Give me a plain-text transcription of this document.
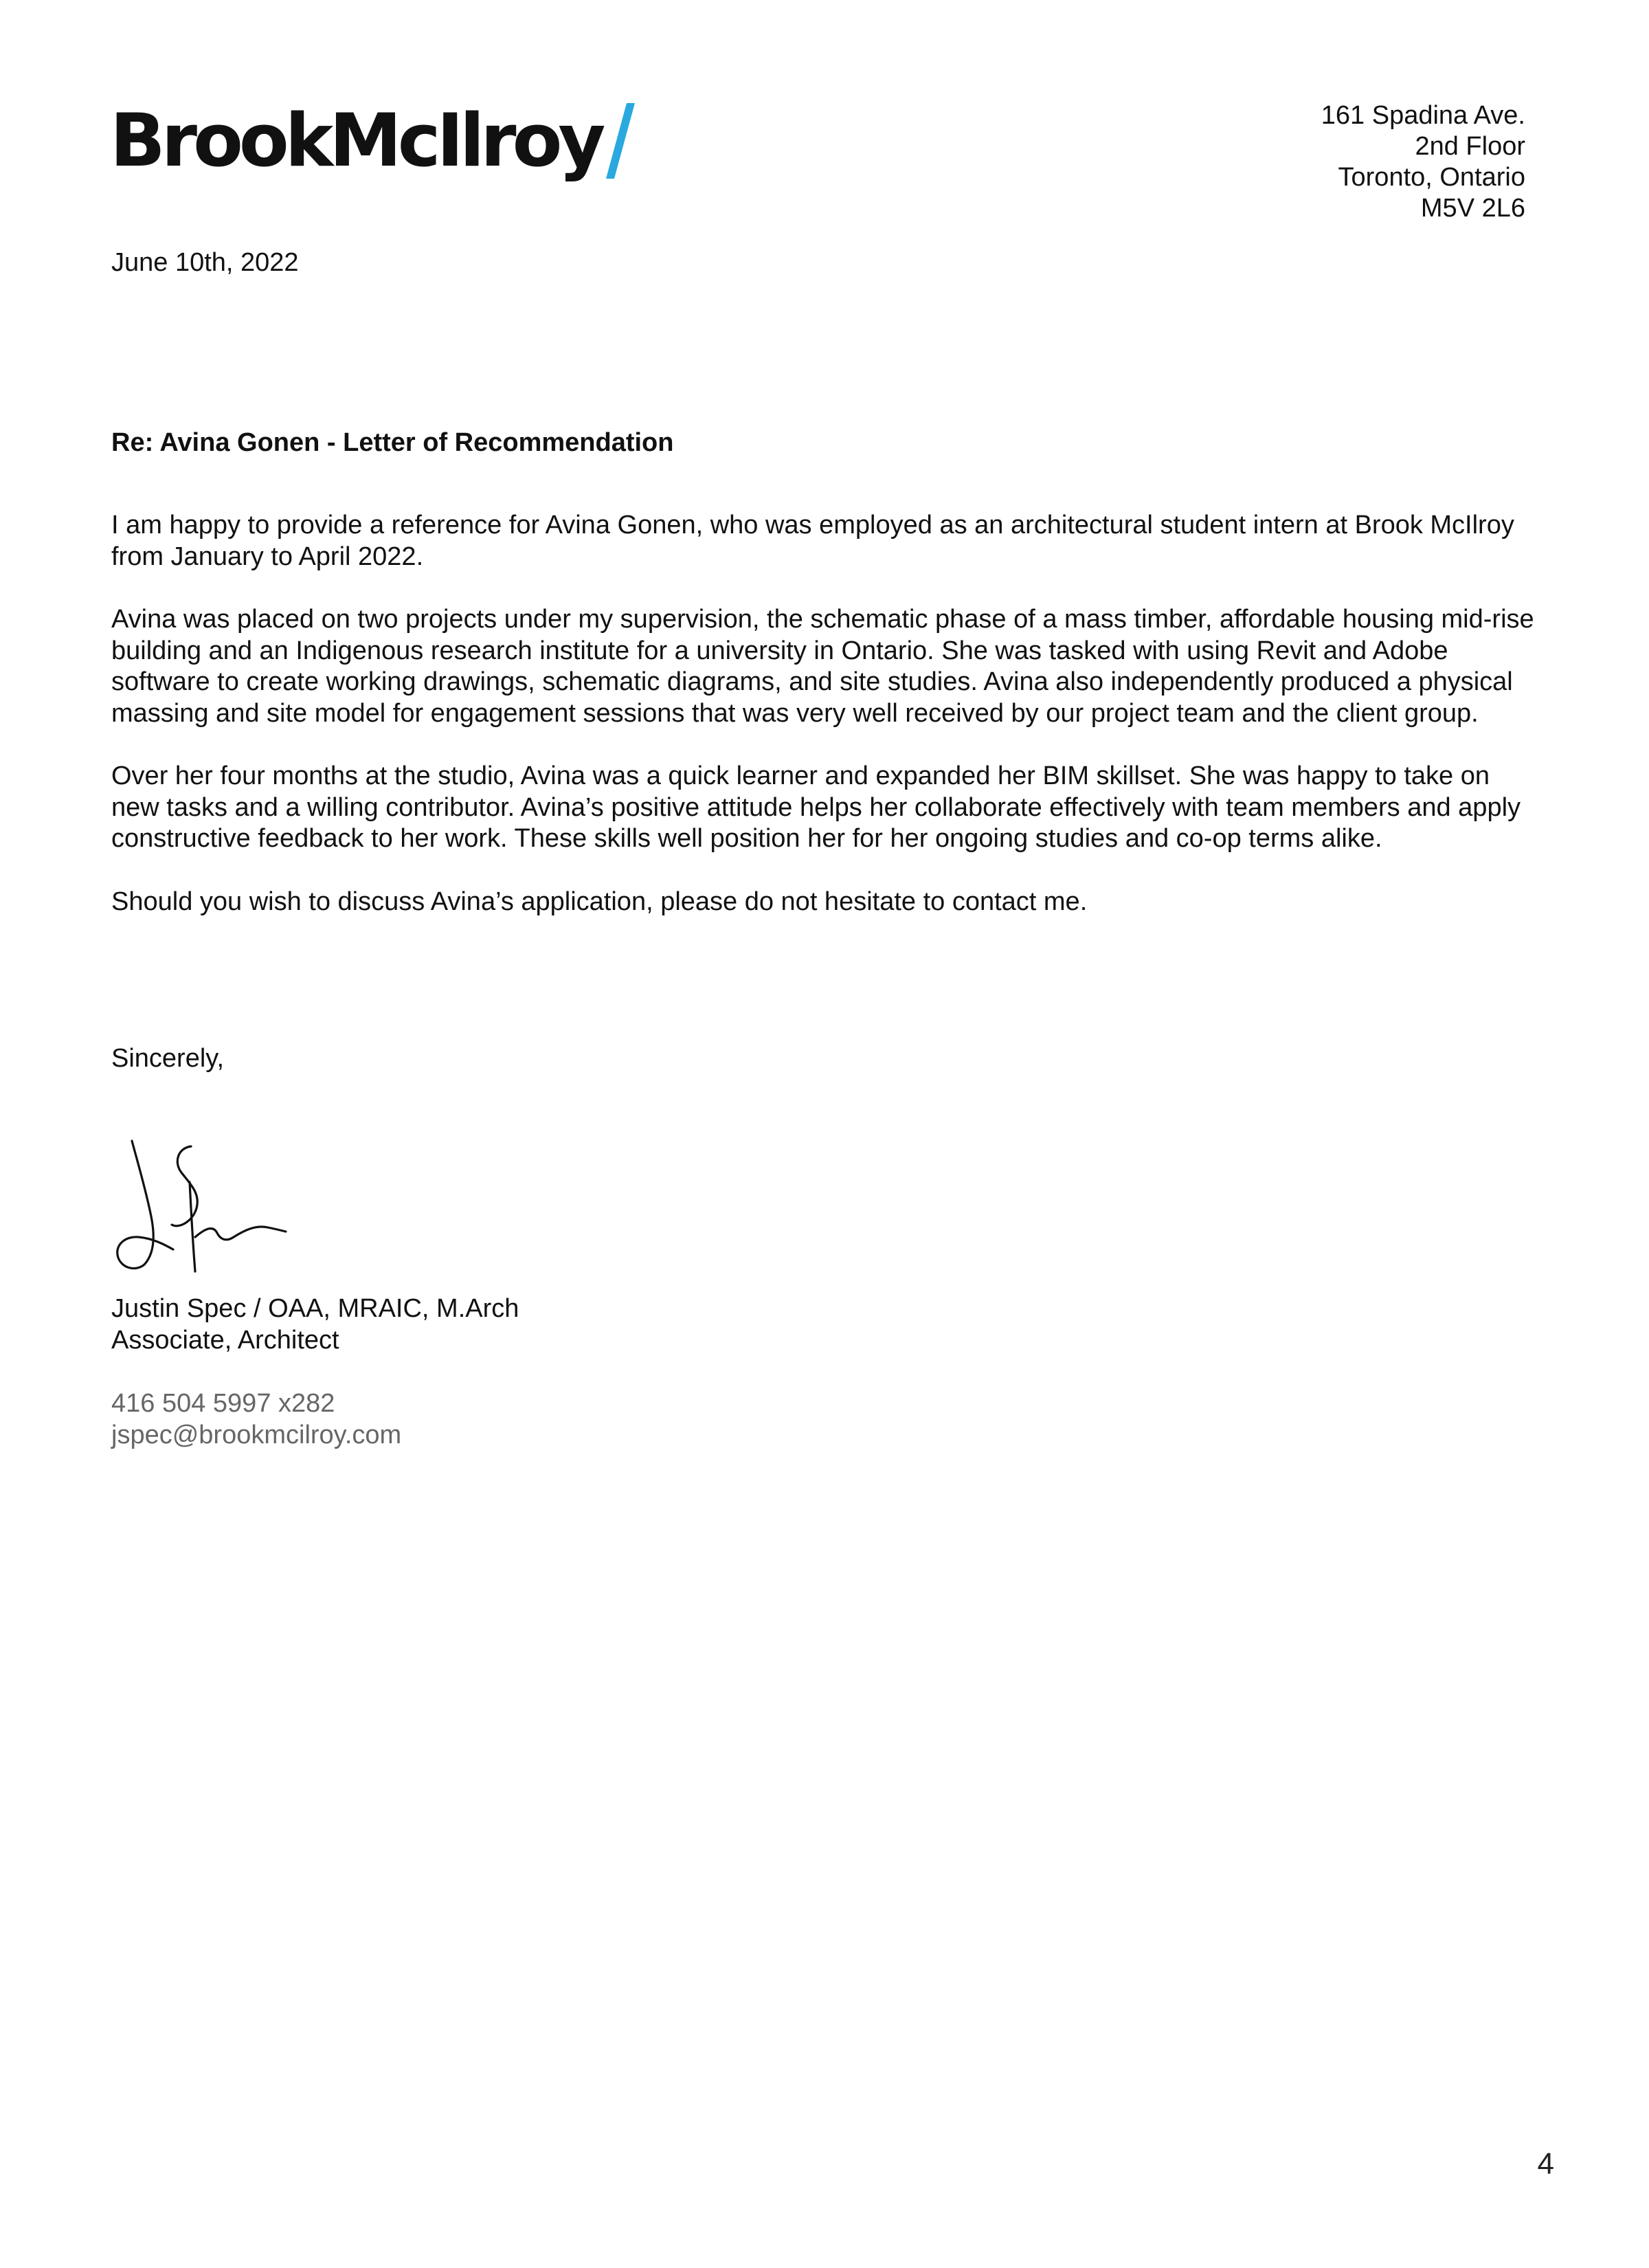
BrookMcIlroy	161 Spadina Ave.
2nd Floor
Toronto, Ontario
M5V 2L6
June 10th, 2022
Re: Avina Gonen - Letter of Recommendation

I am happy to provide a reference for Avina Gonen, who was employed as an architectural student intern at Brook McIlroy from January to April 2022.

Avina was placed on two projects under my supervision, the schematic phase of a mass timber, affordable housing mid-rise building and an Indigenous research institute for a university in Ontario. She was tasked with using Revit and Adobe software to create working drawings, schematic diagrams, and site studies. Avina also independently produced a physical massing and site model for engagement sessions that was very well received by our project team and the client group.

Over her four months at the studio, Avina was a quick learner and expanded her BIM skillset. She was happy to take on new tasks and a willing contributor. Avina’s positive attitude helps her collaborate effectively with team members and apply constructive feedback to her work. These skills well position her for her ongoing studies and co-op terms alike.

Should you wish to discuss Avina’s application, please do not hesitate to contact me.

Sincerely,
Justin Spec / OAA, MRAIC, M.Arch
Associate, Architect
416 504 5997 x282
jspec@brookmcilroy.com
4
